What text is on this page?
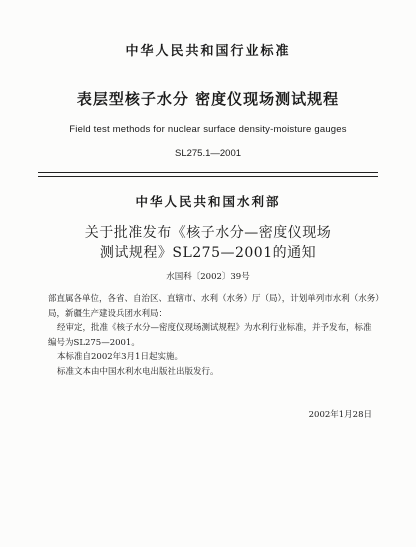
中华人民共和国行业标准
表层型核子水分 密度仪现场测试规程
Field test methods for nuclear surface density-moisture gauges
SL275.1—2001
中华人民共和国水利部
关于批准发布《核子水分—密度仪现场
测试规程》SL275—2001的通知
水国科〔2002〕39号

部直属各单位，各省、自治区、直辖市、水利（水务）厅（局），计划单列市水利（水务）

局，新疆生产建设兵团水利局：

经审定，批准《核子水分—密度仪现场测试规程》为水利行业标准，并予发布，标准

编号为SL275—2001。

本标准自2002年3月1日起实施。

标准文本由中国水利水电出版社出版发行。

2002年1月28日
